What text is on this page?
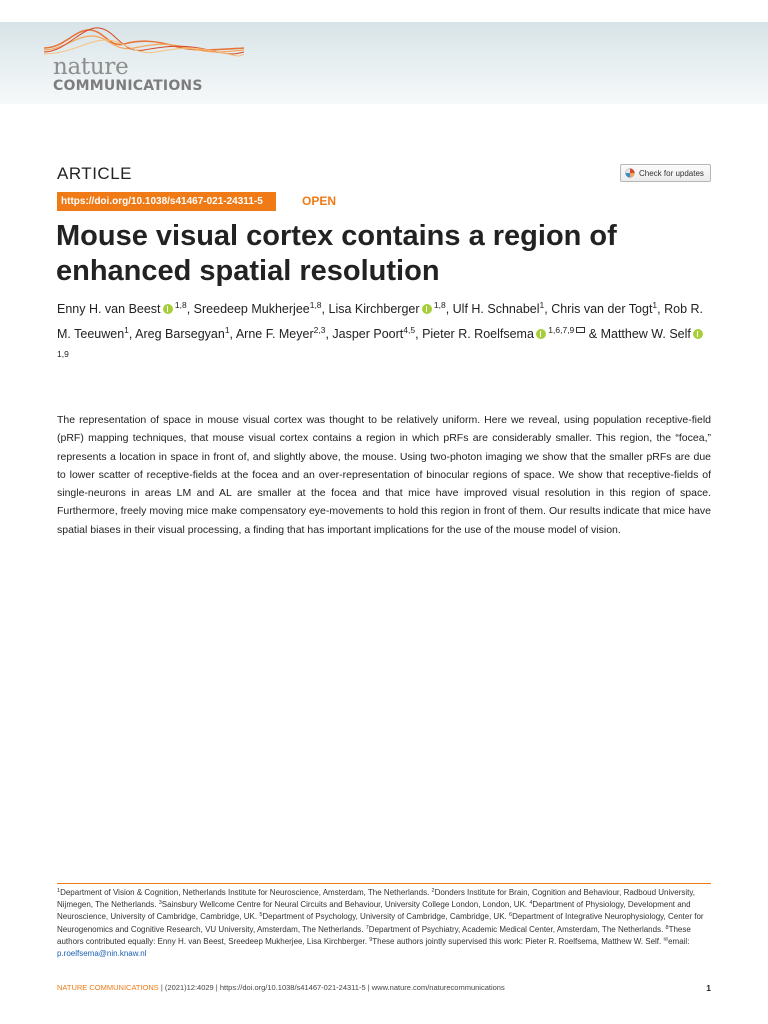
nature
COMMUNICATIONS
ARTICLE	Check for updates
https://doi.org/10.1038/s41467-021-24311-5	OPEN
Mouse visual cortex contains a region of enhanced spatial resolution
Enny H. van Beest $^{1,8}$, Sreedeep Mukherjee$^{1,8}$, Lisa Kirchberger $^{1,8}$, Ulf H. Schnabel$^1$, Chris van der Togt$^1$, Rob R. M. Teeuwen$^1$, Areg Barsegyan$^1$, Arne F. Meyer$^{2,3}$, Jasper Poort$^{4,5}$, Pieter R. Roelfsema $^{1,6,7,9}$ & Matthew W. Self $^{1,9}$

The representation of space in mouse visual cortex was thought to be relatively uniform. Here we reveal, using population receptive-field (pRF) mapping techniques, that mouse visual cortex contains a region in which pRFs are considerably smaller. This region, the “focea,” represents a location in space in front of, and slightly above, the mouse. Using two-photon imaging we show that the smaller pRFs are due to lower scatter of receptive-fields at the focea and an over-representation of binocular regions of space. We show that receptive-fields of single-neurons in areas LM and AL are smaller at the focea and that mice have improved visual resolution in this region of space. Furthermore, freely moving mice make compensatory eye-movements to hold this region in front of them. Our results indicate that mice have spatial biases in their visual processing, a finding that has important implications for the use of the mouse model of vision.

$^1$Department of Vision & Cognition, Netherlands Institute for Neuroscience, Amsterdam, The Netherlands. $^2$Donders Institute for Brain, Cognition and Behaviour, Radboud University, Nijmegen, The Netherlands. $^3$Sainsbury Wellcome Centre for Neural Circuits and Behaviour, University College London, London, UK. $^4$Department of Physiology, Development and Neuroscience, University of Cambridge, Cambridge, UK. $^5$Department of Psychology, University of Cambridge, Cambridge, UK. $^6$Department of Integrative Neurophysiology, Center for Neurogenomics and Cognitive Research, VU University, Amsterdam, The Netherlands. $^7$Department of Psychiatry, Academic Medical Center, Amsterdam, The Netherlands. $^8$These authors contributed equally: Enny H. van Beest, Sreedeep Mukherjee, Lisa Kirchberger. $^9$These authors jointly supervised this work: Pieter R. Roelfsema, Matthew W. Self. ✉email: p.roelfsema@nin.knaw.nl
NATURE COMMUNICATIONS | (2021)12:4029 | https://doi.org/10.1038/s41467-021-24311-5 | www.nature.com/naturecommunications	1
